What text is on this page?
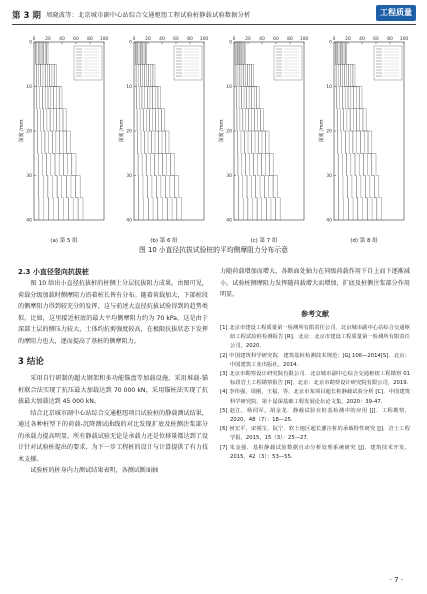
第 3 期 周晓波等：北京城市副中心站综合交通枢纽工程试验桩静载试验数据分析	工程质量
0 20 40 60 80 100
0
10
20
30
40
深度 /mm
(a) 第 5 组
0 20 40 60 80 100
0
10
20
30
40
深度 /mm
(b) 第 6 组
0 20 40 60 80 100
0
10
20
30
40
深度 /mm
(c) 第 7 组
0 20 40 60 80 100
0
10
20
30
40
深度 /mm
(d) 第 8 组
图 10 小直径抗拔试验桩的平均侧摩阻力分布示意

2.3 小直径竖向抗拔桩

图 10 给出小直径抗拔桩的桩侧土分层抗拔阻力成果。由图可见，荷载分级加载时侧摩阻力沿着桩长皆有分布。随着荷载加大，下部桩段的侧摩阻力得到较充分的发挥，这与前述大直径抗拔试验得到的趋势类似。比如，这里接近桩底的最大平均侧摩阻力约为 70 kPa，这是由于深部土层的侧压力较大，土体约抗剪强度较高，在极限抗拔状态下发挥的摩阻力也大，逐而提高了基桩的侧摩阻力。

3 结论

采用自行研制的超大钢架和多功能锚盘等加载设施，采用堆载-锚桩联合法实现了抗压最大加载达到 70 000 kN，采用锚桩法实现了抗拔最大加载达到 45 000 kN。

结合北京城市副中心站综合交通枢纽项目试验桩的静载测试结果，通过各种桩型下的荷载-沉降测试曲线的对比发现扩底及桩侧注浆部分的承载力提高明显。所有静载试验无论是承载力还是位移量都达到了设计针对试验桩提出的要求，为下一步工程桩的设计与计算提供了有力技术支撑。

试验桩的桩身内力测试结果表明，各测试断面轴

力随荷载增加而增大，各断面处轴力在同级荷载作用下自上而下逐渐减小。试验桩侧摩阻力发挥随荷载增大而增加，扩底及桩侧注浆部分作用明显。

参考文献

[1] 北京市建设工程质量第一检测所有限责任公司．北京城市副中心站综合交通枢纽工程试验桩检测报告 [R]．北京：北京市建设工程质量第一检测所有限责任公司，2020.

[2] 中国建筑科学研究院．建筑基桩检测技术规范：JGJ 106—2014[S]．北京：中国建筑工业出版社，2014.

[3] 北京市勘察设计研究院有限公司．北京城市副中心综合交通枢纽工程勘察 01 标段岩土工程勘察报告 [R]．北京：北京市勘察设计研究院有限公司，2019.

[4] 李伟强，周刚，王福，等．北京市某项目超长桩静载试验分析 [C]．中国建筑科学研究院．第十届深基础工程发展论坛论文集，2020：39-47.

[5] 赵江，杨同军，胡金龙．静载试验在桩基检测中的应用 [J]．工程勘察，2020，48（7）：18—25.

[6] 何宏平，宋锡宝，阮宁．软土地区超长灌注桩的承载特性研究 [J]．岩土工程学报，2015，15（3）：25—27.

[7] 朱金强．基桩静载试验数据自动分析处理系统研究 [J]．建筑技术开发，2015，42（3）：53—55.

· 7 ·
